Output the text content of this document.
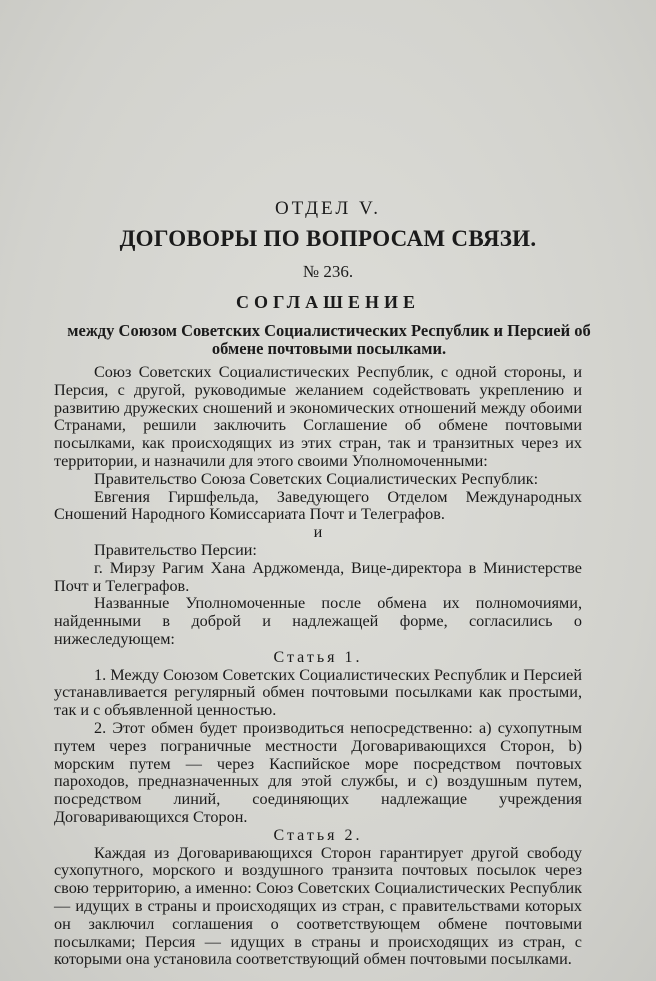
ОТДЕЛ V.
ДОГОВОРЫ ПО ВОПРОСАМ СВЯЗИ.
№ 236.
СОГЛАШЕНИЕ
между Союзом Советских Социалистических Республик и Персией об обмене почтовыми посылками.

Союз Советских Социалистических Республик, с одной стороны, и Персия, с другой, руководимые желанием содействовать укреплению и развитию дружеских сношений и экономических отношений между обоими Странами, решили заключить Соглашение об обмене почтовыми посылками, как происходящих из этих стран, так и транзитных через их территории, и назначили для этого своими Уполномоченными:

Правительство Союза Советских Социалистических Республик:

Евгения Гиршфельда, Заведующего Отделом Международных Сношений Народного Комиссариата Почт и Телеграфов.

и

Правительство Персии:

г. Мирзу Рагим Хана Арджоменда, Вице-директора в Министерстве Почт и Телеграфов.

Названные Уполномоченные после обмена их полномочиями, найденными в доброй и надлежащей форме, согласились о нижеследующем:

Статья 1.

1. Между Союзом Советских Социалистических Республик и Персией устанавливается регулярный обмен почтовыми посылками как простыми, так и с объявленной ценностью.

2. Этот обмен будет производиться непосредственно: a) сухопутным путем через пограничные местности Договаривающихся Сторон, b) морским путем — через Каспийское море посредством почтовых пароходов, предназначенных для этой службы, и c) воздушным путем, посредством линий, соединяющих надлежащие учреждения Договаривающихся Сторон.

Статья 2.

Каждая из Договаривающихся Сторон гарантирует другой свободу сухопутного, морского и воздушного транзита почтовых посылок через свою территорию, а именно: Союз Советских Социалистических Республик — идущих в страны и происходящих из стран, с правительствами которых он заключил соглашения о соответствующем обмене почтовыми посылками; Персия — идущих в страны и происходящих из стран, с которыми она установила соответствующий обмен почтовыми посылками.
